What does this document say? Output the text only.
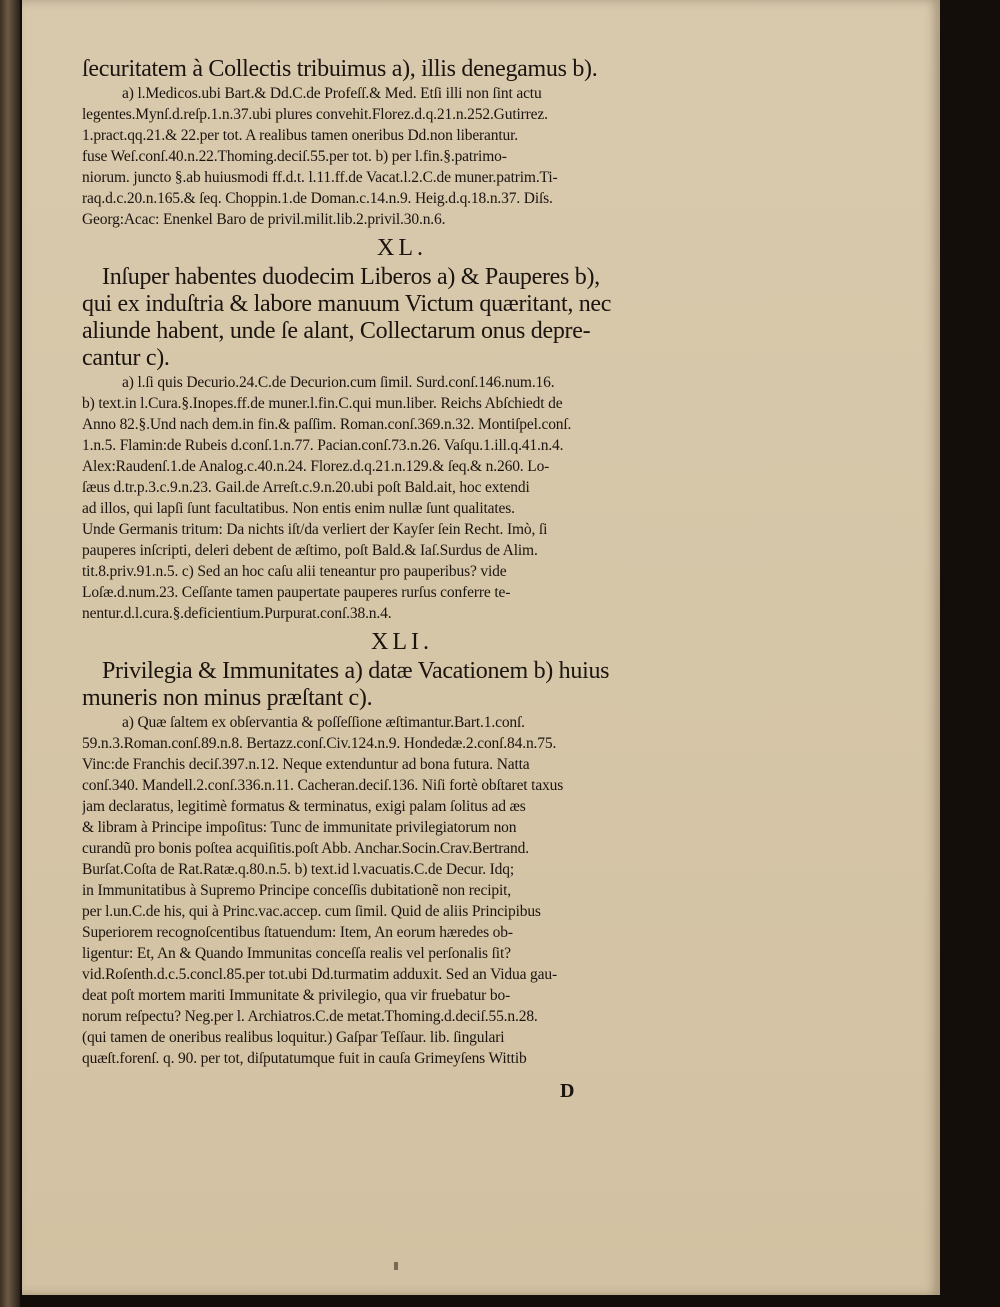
ſecuritatem à Collectis tribuimus a), illis denegamus b).
a) l.Medicos.ubi Bart.& Dd.C.de Profeſſ.& Med. Etſi illi non ſint actu
legentes.Mynſ.d.reſp.1.n.37.ubi plures convehit.Florez.d.q.21.n.252.Gutirrez.
1.pract.qq.21.& 22.per tot. A realibus tamen oneribus Dd.non liberantur.
fuse Weſ.conſ.40.n.22.Thoming.deciſ.55.per tot. b) per l.fin.§.patrimo-
niorum. juncto §.ab huiusmodi ff.d.t. l.11.ff.de Vacat.l.2.C.de muner.patrim.Ti-
raq.d.c.20.n.165.& ſeq. Choppin.1.de Doman.c.14.n.9. Heig.d.q.18.n.37. Diſs.
Georg:Acac: Enenkel Baro de privil.milit.lib.2.privil.30.n.6.
XL.
Inſuper habentes duodecim Liberos a) & Pauperes b),
qui ex induſtria & labore manuum Victum quæritant, nec
aliunde habent, unde ſe alant, Collectarum onus depre-
cantur c).
a) l.ſi quis Decurio.24.C.de Decurion.cum ſimil. Surd.conſ.146.num.16.
b) text.in l.Cura.§.Inopes.ff.de muner.l.fin.C.qui mun.liber. Reichs Abſchiedt de
Anno 82.§.Und nach dem.in fin.& paſſim. Roman.conſ.369.n.32. Montiſpel.conſ.
1.n.5. Flamin:de Rubeis d.conſ.1.n.77. Pacian.conſ.73.n.26. Vaſqu.1.ill.q.41.n.4.
Alex:Raudenſ.1.de Analog.c.40.n.24. Florez.d.q.21.n.129.& ſeq.& n.260. Lo-
ſæus d.tr.p.3.c.9.n.23. Gail.de Arreſt.c.9.n.20.ubi poſt Bald.ait, hoc extendi
ad illos, qui lapſi ſunt facultatibus. Non entis enim nullæ ſunt qualitates.
Unde Germanis tritum: Da nichts iſt/da verliert der Kayſer ſein Recht. Imò, ſi
pauperes inſcripti, deleri debent de æſtimo, poſt Bald.& Iaſ.Surdus de Alim.
tit.8.priv.91.n.5. c) Sed an hoc caſu alii teneantur pro pauperibus? vide
Loſæ.d.num.23. Ceſſante tamen paupertate pauperes rurſus conferre te-
nentur.d.l.cura.§.deficientium.Purpurat.conſ.38.n.4.
XLI.
Privilegia & Immunitates a) datæ Vacationem b) huius
muneris non minus præſtant c).
a) Quæ ſaltem ex obſervantia & poſſeſſione æſtimantur.Bart.1.conſ.
59.n.3.Roman.conſ.89.n.8. Bertazz.conſ.Civ.124.n.9. Hondedæ.2.conſ.84.n.75.
Vinc:de Franchis deciſ.397.n.12. Neque extenduntur ad bona futura. Natta
conſ.340. Mandell.2.conſ.336.n.11. Cacheran.deciſ.136. Niſi fortè obſtaret taxus
jam declaratus, legitimè formatus & terminatus, exigi palam ſolitus ad æs
& libram à Principe impoſitus: Tunc de immunitate privilegiatorum non
curandũ pro bonis poſtea acquiſitis.poſt Abb. Anchar.Socin.Crav.Bertrand.
Burſat.Coſta de Rat.Ratæ.q.80.n.5. b) text.id l.vacuatis.C.de Decur. Idq;
in Immunitatibus à Supremo Principe conceſſis dubitationẽ non recipit,
per l.un.C.de his, qui à Princ.vac.accep. cum ſimil. Quid de aliis Principibus
Superiorem recognoſcentibus ſtatuendum: Item, An eorum hæredes ob-
ligentur: Et, An & Quando Immunitas conceſſa realis vel perſonalis ſit?
vid.Roſenth.d.c.5.concl.85.per tot.ubi Dd.turmatim adduxit. Sed an Vidua gau-
deat poſt mortem mariti Immunitate & privilegio, qua vir fruebatur bo-
norum reſpectu? Neg.per l. Archiatros.C.de metat.Thoming.d.deciſ.55.n.28.
(qui tamen de oneribus realibus loquitur.) Gaſpar Teſſaur. lib. ſingulari
quæſt.forenſ. q. 90. per tot, diſputatumque fuit in cauſa Grimeyſens Wittib
D
